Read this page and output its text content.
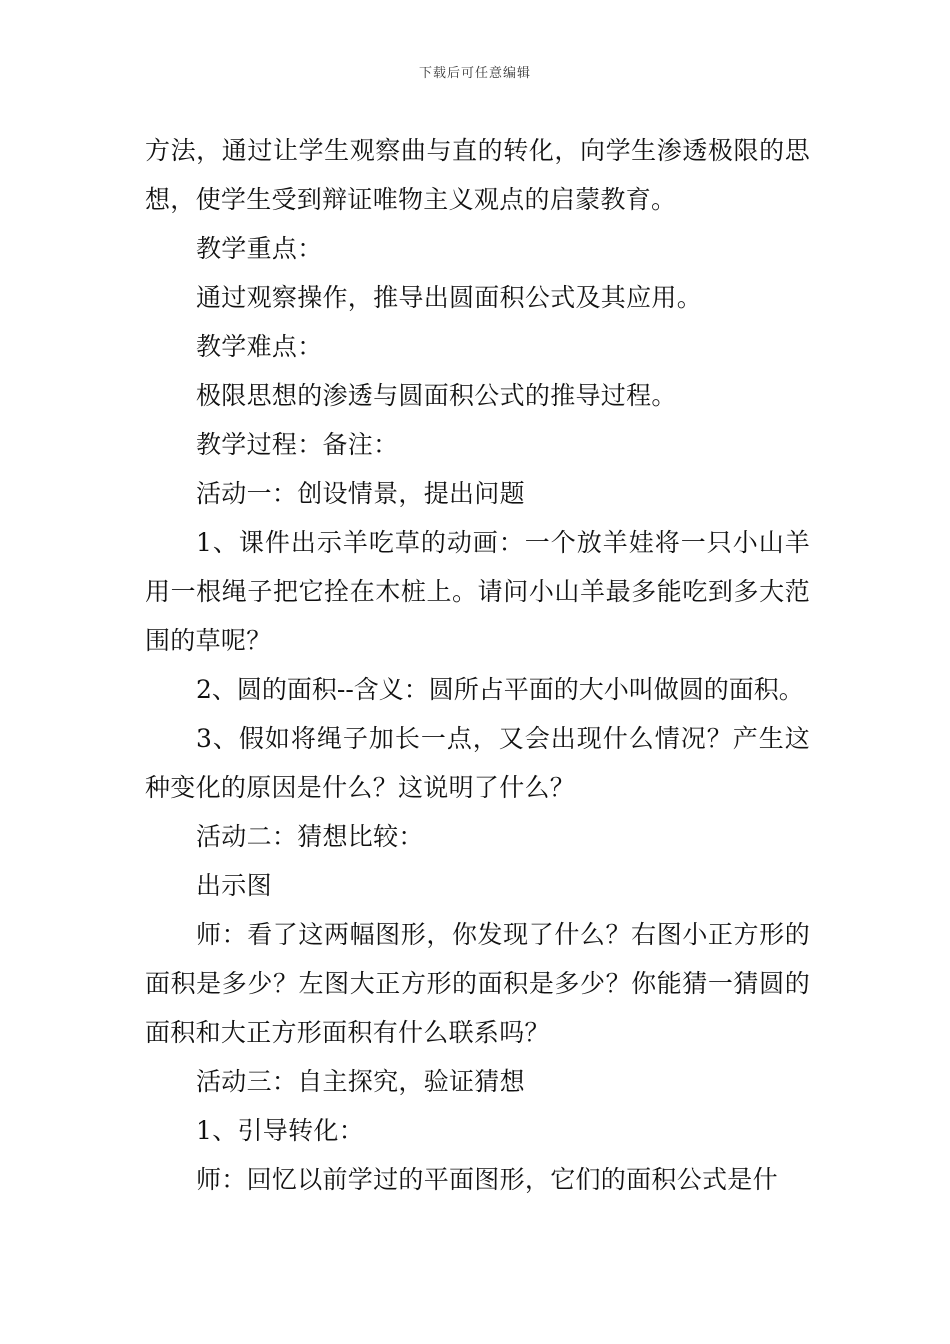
下载后可任意编辑

方法，通过让学生观察曲与直的转化，向学生渗透极限的思想，使学生受到辩证唯物主义观点的启蒙教育。

教学重点：

通过观察操作，推导出圆面积公式及其应用。

教学难点：

极限思想的渗透与圆面积公式的推导过程。

教学过程：备注：

活动一：创设情景，提出问题

1、课件出示羊吃草的动画：一个放羊娃将一只小山羊用一根绳子把它拴在木桩上。请问小山羊最多能吃到多大范围的草呢？

2、圆的面积--含义：圆所占平面的大小叫做圆的面积。

3、假如将绳子加长一点，又会出现什么情况？产生这种变化的原因是什么？这说明了什么？

活动二：猜想比较：

出示图

师：看了这两幅图形，你发现了什么？右图小正方形的面积是多少？左图大正方形的面积是多少？你能猜一猜圆的面积和大正方形面积有什么联系吗？

活动三：自主探究，验证猜想

1、引导转化：

师：回忆以前学过的平面图形，它们的面积公式是什
